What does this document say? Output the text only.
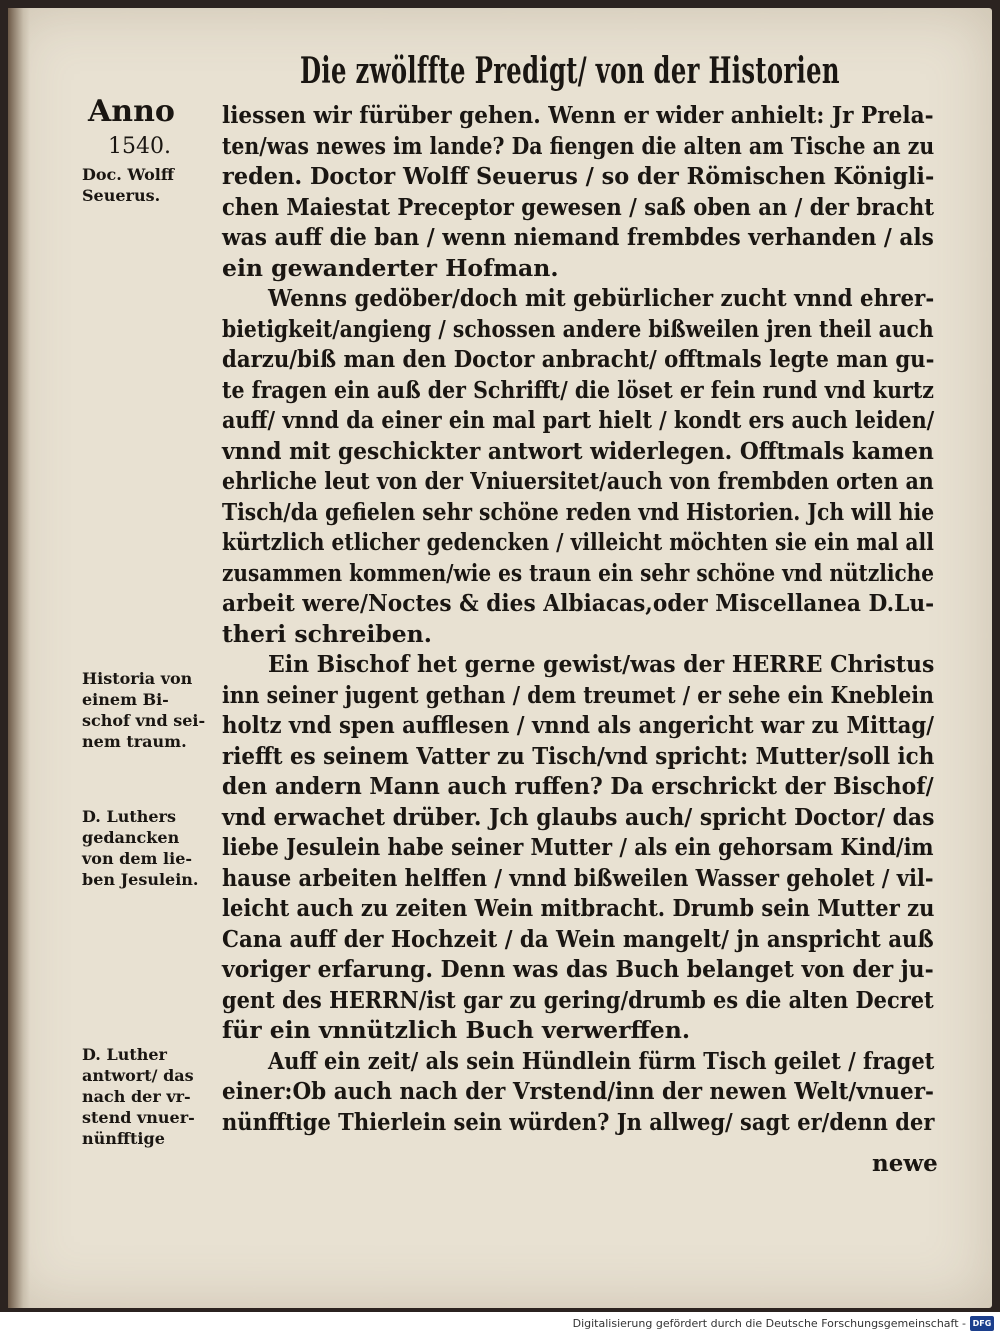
Die zwölffte Predigt/ von der Historien
Anno
1540.
Doc. Wolff
Seuerus.
Historia von
einem Bi-
schof vnd sei-
nem traum.
D. Luthers
gedancken
von dem lie-
ben Jesulein.
D. Luther
antwort/ das
nach der vr-
stend vnuer-
nünfftige
liessen wir fürüber gehen. Wenn er wider anhielt: Jr Prela-
ten/was newes im lande? Da fiengen die alten am Tische an zu
reden. Doctor Wolff Seuerus / so der Römischen Königli-
chen Maiestat Preceptor gewesen / saß oben an / der bracht
was auff die ban / wenn niemand frembdes verhanden / als
ein gewanderter Hofman.
Wenns gedöber/doch mit gebürlicher zucht vnnd ehrer-
bietigkeit/angieng / schossen andere bißweilen jren theil auch
darzu/biß man den Doctor anbracht/ offtmals legte man gu-
te fragen ein auß der Schrifft/ die löset er fein rund vnd kurtz
auff/ vnnd da einer ein mal part hielt / kondt ers auch leiden/
vnnd mit geschickter antwort widerlegen. Offtmals kamen
ehrliche leut von der Vniuersitet/auch von frembden orten an
Tisch/da gefielen sehr schöne reden vnd Historien. Jch will hie
kürtzlich etlicher gedencken / villeicht möchten sie ein mal all
zusammen kommen/wie es traun ein sehr schöne vnd nützliche
arbeit were/Noctes & dies Albiacas,oder Miscellanea D.Lu-
theri schreiben.
Ein Bischof het gerne gewist/was der HERRE Christus
inn seiner jugent gethan / dem treumet / er sehe ein Kneblein
holtz vnd spen aufflesen / vnnd als angericht war zu Mittag/
riefft es seinem Vatter zu Tisch/vnd spricht: Mutter/soll ich
den andern Mann auch ruffen? Da erschrickt der Bischof/
vnd erwachet drüber. Jch glaubs auch/ spricht Doctor/ das
liebe Jesulein habe seiner Mutter / als ein gehorsam Kind/im
hause arbeiten helffen / vnnd bißweilen Wasser geholet / vil-
leicht auch zu zeiten Wein mitbracht. Drumb sein Mutter zu
Cana auff der Hochzeit / da Wein mangelt/ jn anspricht auß
voriger erfarung. Denn was das Buch belanget von der ju-
gent des HERRN/ist gar zu gering/drumb es die alten Decret
für ein vnnützlich Buch verwerffen.
Auff ein zeit/ als sein Hündlein fürm Tisch geilet / fraget
einer:Ob auch nach der Vrstend/inn der newen Welt/vnuer-
nünfftige Thierlein sein würden? Jn allweg/ sagt er/denn der
newe
Digitalisierung gefördert durch die Deutsche Forschungsgemeinschaft - DFG
